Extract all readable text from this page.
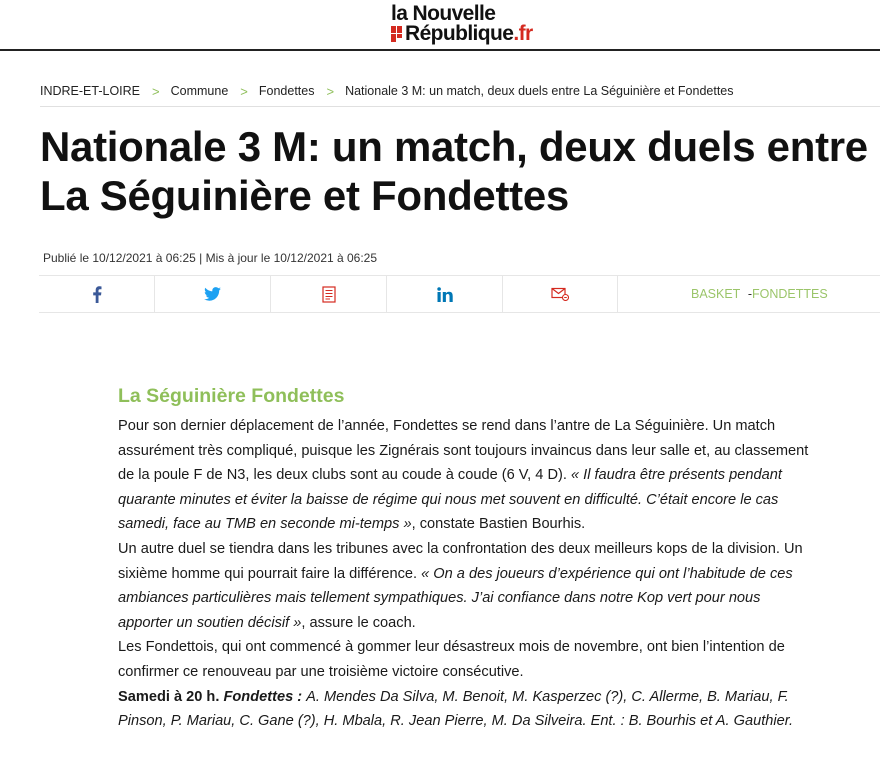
la Nouvelle
République.fr
INDRE-ET-LOIRE > Commune > Fondettes > Nationale 3 M: un match, deux duels entre La Séguinière et Fondettes
Nationale 3 M: un match, deux duels entre
La Séguinière et Fondettes
Publié le 10/12/2021 à 06:25 | Mis à jour le 10/12/2021 à 06:25
BASKET -FONDETTES
La Séguinière Fondettes

Pour son dernier déplacement de l’année, Fondettes se rend dans l’antre de La Séguinière. Un match assurément très compliqué, puisque les Zignérais sont toujours invaincus dans leur salle et, au classement de la poule F de N3, les deux clubs sont au coude à coude (6 V, 4 D). « Il faudra être présents pendant quarante minutes et éviter la baisse de régime qui nous met souvent en difficulté. C’était encore le cas samedi, face au TMB en seconde mi-temps », constate Bastien Bourhis.

Un autre duel se tiendra dans les tribunes avec la confrontation des deux meilleurs kops de la division. Un sixième homme qui pourrait faire la différence. « On a des joueurs d’expérience qui ont l’habitude de ces ambiances particulières mais tellement sympathiques. J’ai confiance dans notre Kop vert pour nous apporter un soutien décisif », assure le coach.

Les Fondettois, qui ont commencé à gommer leur désastreux mois de novembre, ont bien l’intention de confirmer ce renouveau par une troisième victoire consécutive.

Samedi à 20 h. Fondettes : A. Mendes Da Silva, M. Benoit, M. Kasperzec (?), C. Allerme, B. Mariau, F. Pinson, P. Mariau, C. Gane (?), H. Mbala, R. Jean Pierre, M. Da Silveira. Ent. : B. Bourhis et A. Gauthier.
